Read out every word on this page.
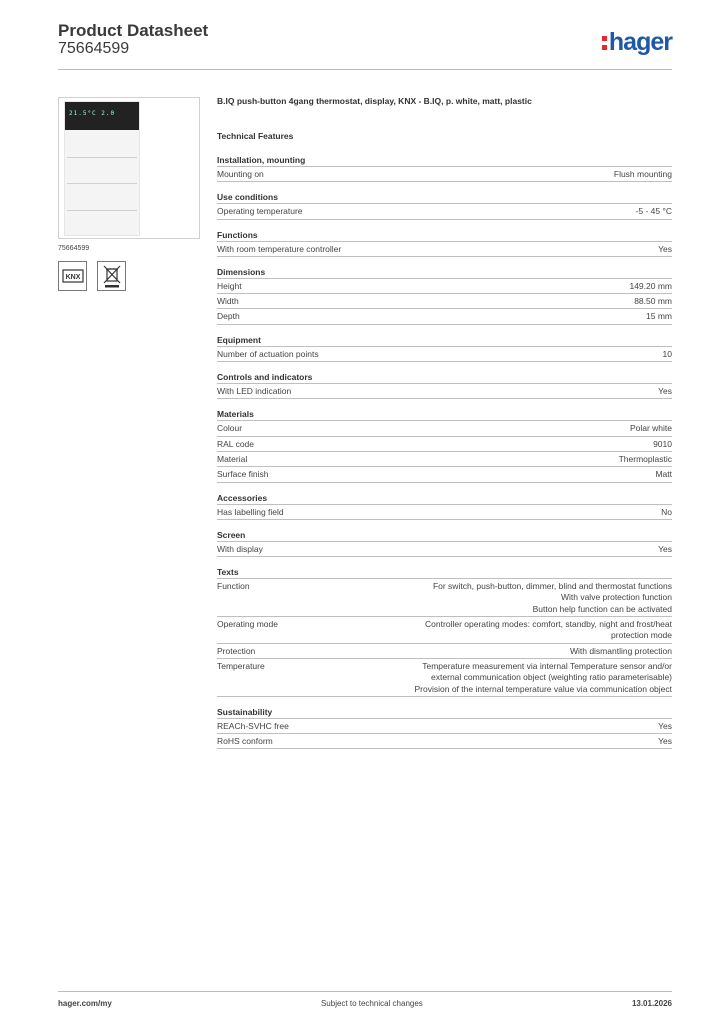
Product Datasheet
75664599	hager
21.5°C 2.0
75664599
KNX
B.IQ push-button 4gang thermostat, display, KNX - B.IQ, p. white, matt, plastic
Technical Features
Installation, mounting
Mounting on	Flush mounting
Use conditions
Operating temperature	-5 - 45 °C
Functions
With room temperature controller	Yes
Dimensions
Height	149.20 mm
Width	88.50 mm
Depth	15 mm
Equipment
Number of actuation points	10
Controls and indicators
With LED indication	Yes
Materials
Colour	Polar white
RAL code	9010
Material	Thermoplastic
Surface finish	Matt
Accessories
Has labelling field	No
Screen
With display	Yes
Texts
Function	For switch, push-button, dimmer, blind and thermostat functions
With valve protection function
Button help function can be activated
Operating mode	Controller operating modes: comfort, standby, night and frost/heat
protection mode
Protection	With dismantling protection
Temperature	Temperature measurement via internal Temperature sensor and/or
external communication object (weighting ratio parameterisable)
Provision of the internal temperature value via communication object
Sustainability
REACh-SVHC free	Yes
RoHS conform	Yes
hager.com/my	Subject to technical changes	13.01.2026
